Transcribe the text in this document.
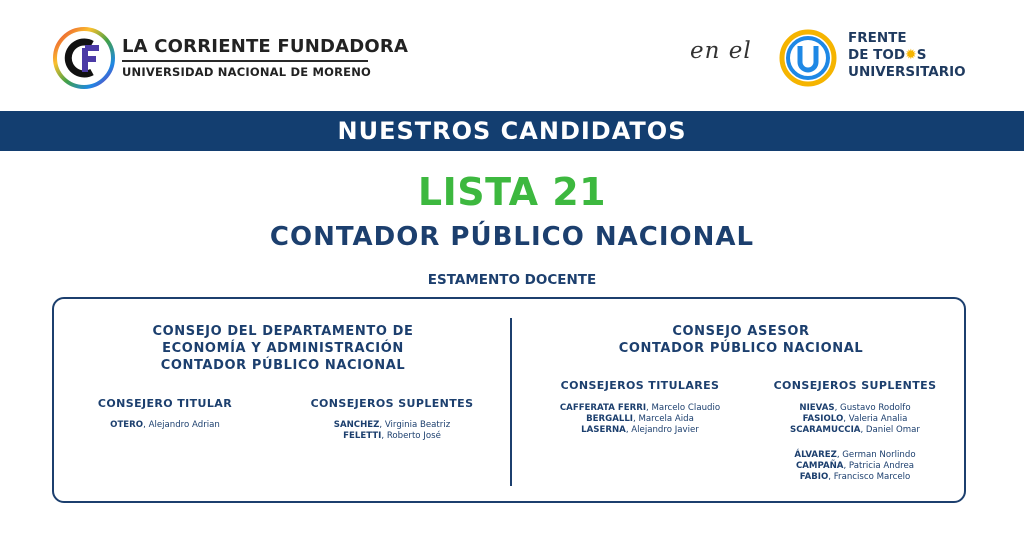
LA CORRIENTE FUNDADORA
UNIVERSIDAD NACIONAL DE MORENO
en el	FRENTE
DE TOD✹S
UNIVERSITARIO
NUESTROS CANDIDATOS
LISTA 21
CONTADOR PÚBLICO NACIONAL
ESTAMENTO DOCENTE
CONSEJO DEL DEPARTAMENTO DE
ECONOMÍA Y ADMINISTRACIÓN
CONTADOR PÚBLICO NACIONAL
CONSEJERO TITULAR
OTERO, Alejandro Adrian
CONSEJEROS SUPLENTES
SANCHEZ, Virginia Beatriz
FELETTI, Roberto José
CONSEJO ASESOR
CONTADOR PÚBLICO NACIONAL
CONSEJEROS TITULARES
CAFFERATA FERRI, Marcelo Claudio
BERGALLI, Marcela Aida
LASERNA, Alejandro Javier
CONSEJEROS SUPLENTES
NIEVAS, Gustavo Rodolfo
FASIOLO, Valeria Analia
SCARAMUCCIA, Daniel Omar
ÁLVAREZ, German Norlindo
CAMPAÑA, Patricia Andrea
FABIO, Francisco Marcelo
